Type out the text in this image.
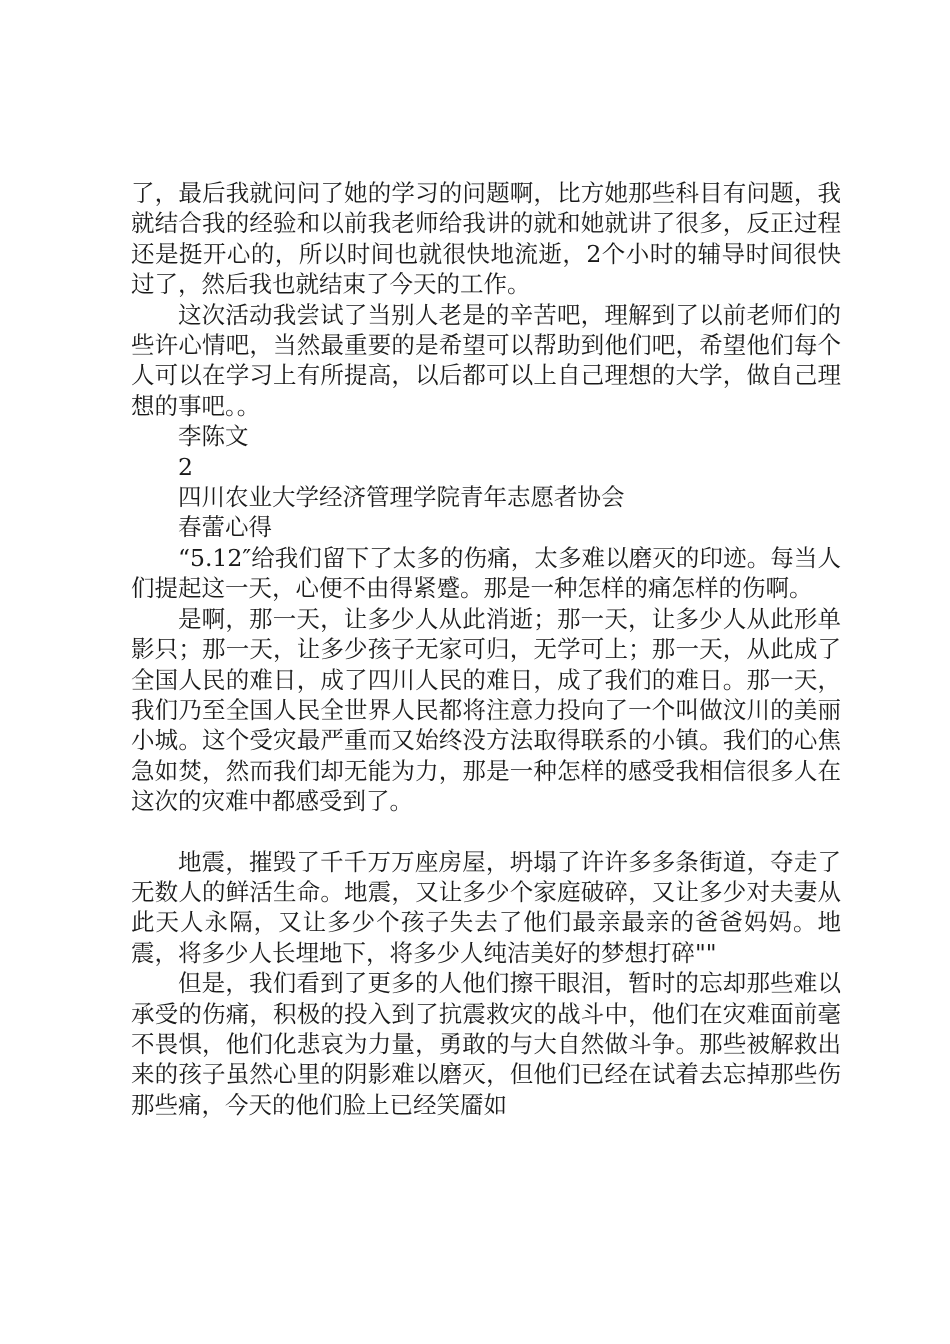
了，最后我就问问了她的学习的问题啊，比方她那些科目有问题，我就结合我的经验和以前我老师给我讲的就和她就讲了很多，反正过程还是挺开心的，所以时间也就很快地流逝，2个小时的辅导时间很快过了，然后我也就结束了今天的工作。

这次活动我尝试了当别人老是的辛苦吧，理解到了以前老师们的些许心情吧，当然最重要的是希望可以帮助到他们吧，希望他们每个人可以在学习上有所提高，以后都可以上自己理想的大学，做自己理想的事吧。。

李陈文

2

四川农业大学经济管理学院青年志愿者协会

春蕾心得

“5.12″给我们留下了太多的伤痛，太多难以磨灭的印迹。每当人们提起这一天，心便不由得紧蹙。那是一种怎样的痛怎样的伤啊。

是啊，那一天，让多少人从此消逝；那一天，让多少人从此形单影只；那一天，让多少孩子无家可归，无学可上；那一天，从此成了全国人民的难日，成了四川人民的难日，成了我们的难日。那一天，我们乃至全国人民全世界人民都将注意力投向了一个叫做汶川的美丽小城。这个受灾最严重而又始终没方法取得联系的小镇。我们的心焦急如焚，然而我们却无能为力，那是一种怎样的感受我相信很多人在这次的灾难中都感受到了。

地震，摧毁了千千万万座房屋，坍塌了许许多多条街道，夺走了无数人的鲜活生命。地震，又让多少个家庭破碎，又让多少对夫妻从此天人永隔，又让多少个孩子失去了他们最亲最亲的爸爸妈妈。地震，将多少人长埋地下，将多少人纯洁美好的梦想打碎""

但是，我们看到了更多的人他们擦干眼泪，暂时的忘却那些难以承受的伤痛，积极的投入到了抗震救灾的战斗中，他们在灾难面前毫不畏惧，他们化悲哀为力量，勇敢的与大自然做斗争。那些被解救出来的孩子虽然心里的阴影难以磨灭，但他们已经在试着去忘掉那些伤那些痛，今天的他们脸上已经笑靥如
